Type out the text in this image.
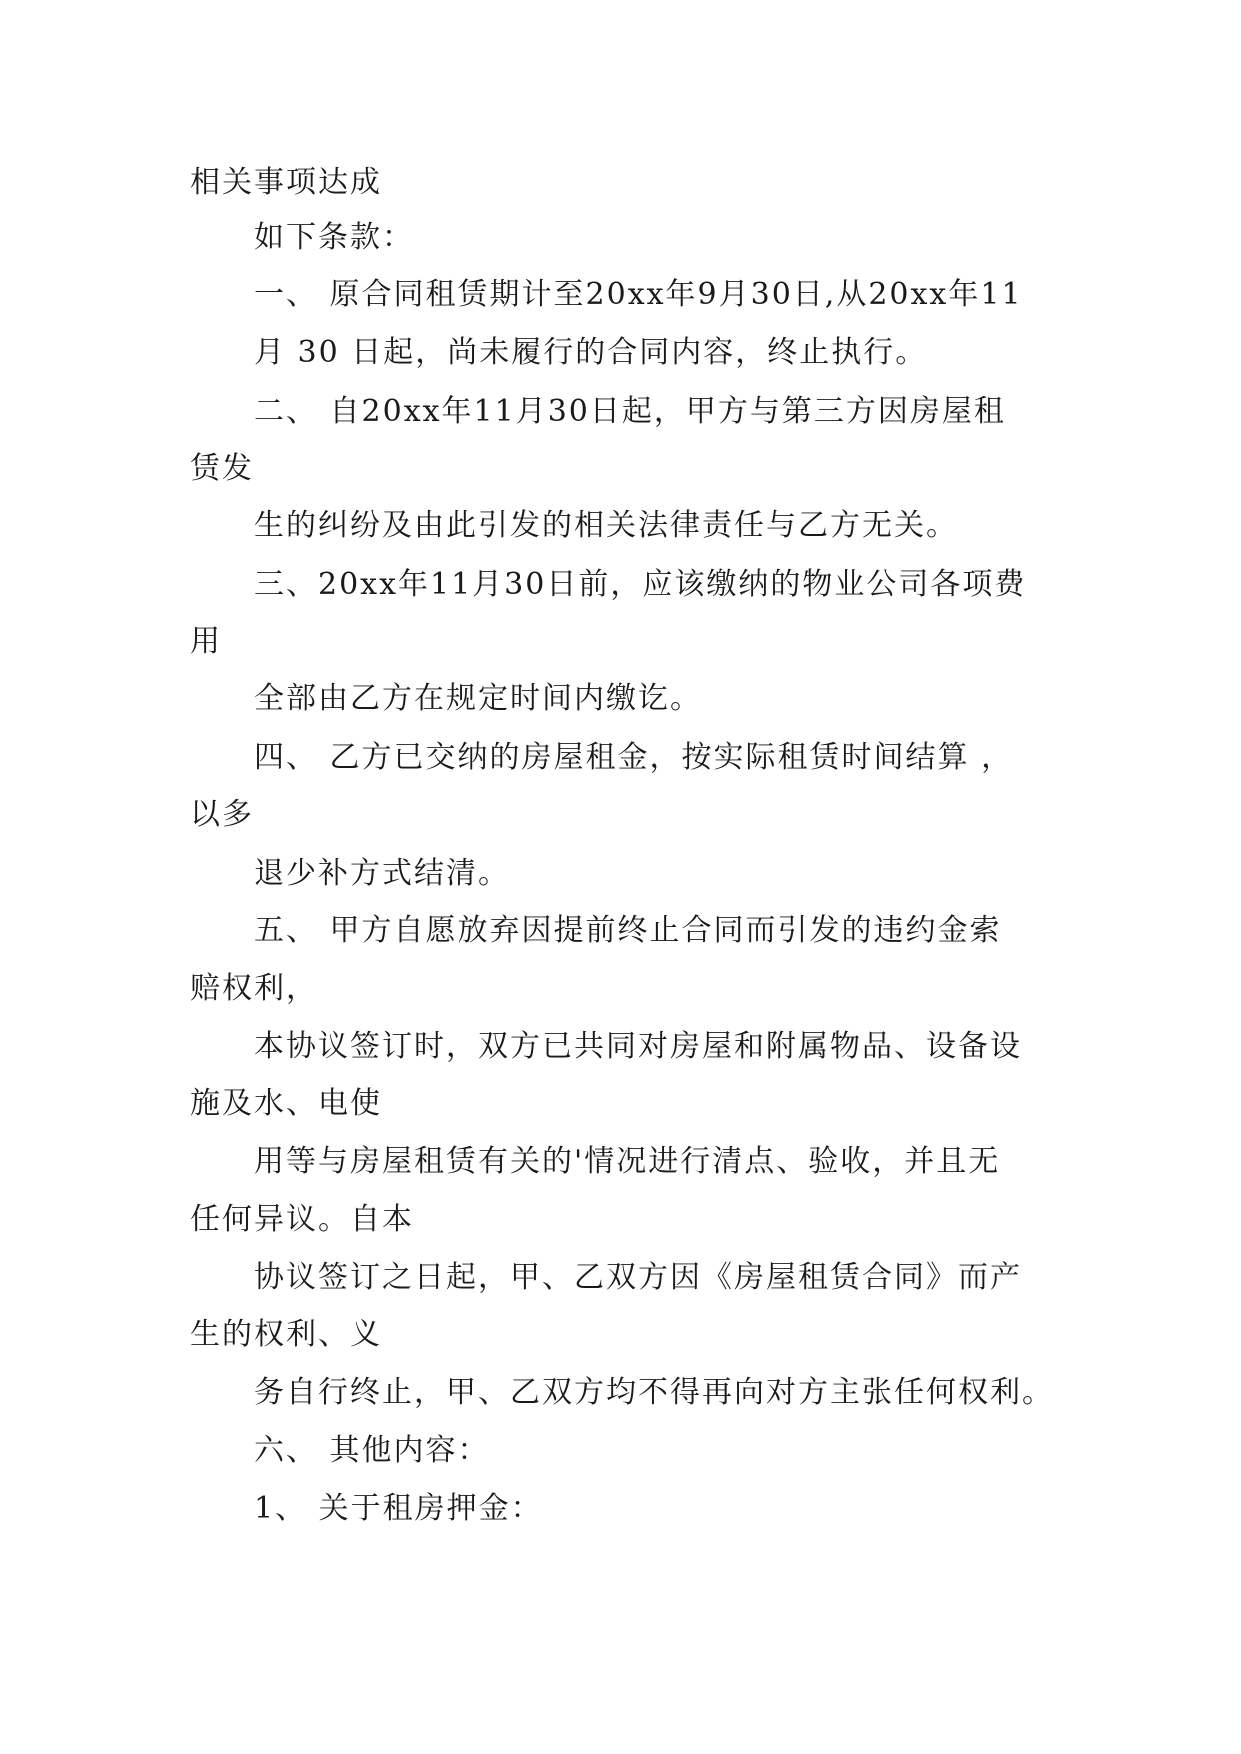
相关事项达成
如下条款：
一、 原合同租赁期计至20xx年9月30日,从20xx年11
月 30 日起，尚未履行的合同内容，终止执行。
二、 自20xx年11月30日起，甲方与第三方因房屋租
赁发
生的纠纷及由此引发的相关法律责任与乙方无关。
三、20xx年11月30日前，应该缴纳的物业公司各项费
用
全部由乙方在规定时间内缴讫。
四、 乙方已交纳的房屋租金，按实际租赁时间结算 ，
以多
退少补方式结清。
五、 甲方自愿放弃因提前终止合同而引发的违约金索
赔权利，
本协议签订时，双方已共同对房屋和附属物品、设备设
施及水、电使
用等与房屋租赁有关的'情况进行清点、验收，并且无
任何异议。自本
协议签订之日起，甲、乙双方因《房屋租赁合同》而产
生的权利、义
务自行终止，甲、乙双方均不得再向对方主张任何权利。
六、 其他内容：
1、 关于租房押金：
